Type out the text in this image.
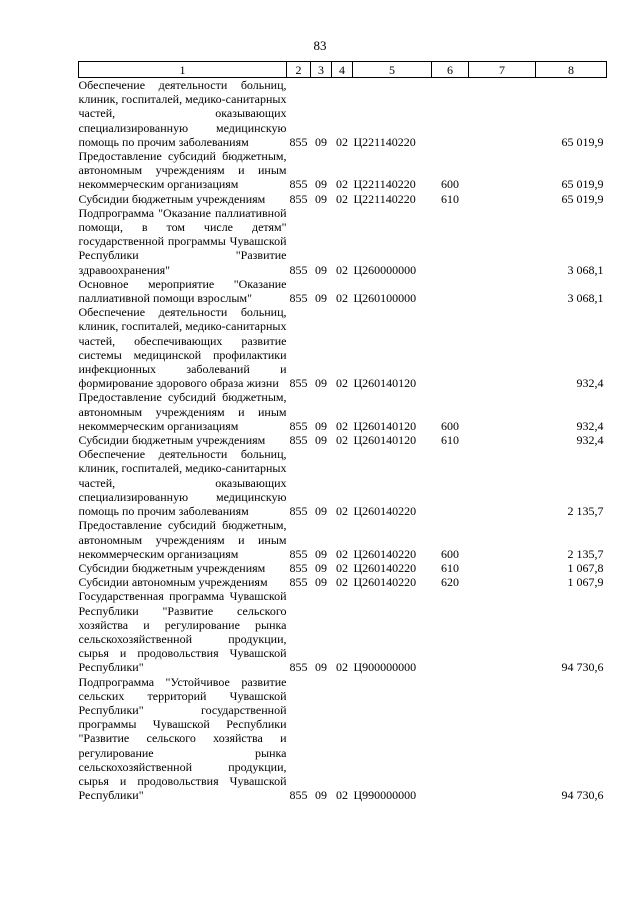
83
1	2	3	4	5	6	7	8
Обеспечение деятельности больниц, клиник, госпиталей, медико-санитарных частей, оказывающих специализированную медицинскую помощь по прочим заболеваниям	855	09	02	Ц221140220			65 019,9
Предоставление субсидий бюджетным, автономным учреждениям и иным некоммерческим организациям	855	09	02	Ц221140220	600		65 019,9
Субсидии бюджетным учреждениям	855	09	02	Ц221140220	610		65 019,9
Подпрограмма "Оказание паллиативной помощи, в том числе детям" государственной программы Чувашской Республики "Развитие здравоохранения"	855	09	02	Ц260000000			3 068,1
Основное мероприятие "Оказание паллиативной помощи взрослым"	855	09	02	Ц260100000			3 068,1
Обеспечение деятельности больниц, клиник, госпиталей, медико-санитарных частей, обеспечивающих развитие системы медицинской профилактики инфекционных заболеваний и формирование здорового образа жизни	855	09	02	Ц260140120			932,4
Предоставление субсидий бюджетным, автономным учреждениям и иным некоммерческим организациям	855	09	02	Ц260140120	600		932,4
Субсидии бюджетным учреждениям	855	09	02	Ц260140120	610		932,4
Обеспечение деятельности больниц, клиник, госпиталей, медико-санитарных частей, оказывающих специализированную медицинскую помощь по прочим заболеваниям	855	09	02	Ц260140220			2 135,7
Предоставление субсидий бюджетным, автономным учреждениям и иным некоммерческим организациям	855	09	02	Ц260140220	600		2 135,7
Субсидии бюджетным учреждениям	855	09	02	Ц260140220	610		1 067,8
Субсидии автономным учреждениям	855	09	02	Ц260140220	620		1 067,9
Государственная программа Чувашской Республики "Развитие сельского хозяйства и регулирование рынка сельскохозяйственной продукции, сырья и продовольствия Чувашской Республики"	855	09	02	Ц900000000			94 730,6
Подпрограмма "Устойчивое развитие сельских территорий Чувашской Республики" государственной программы Чувашской Республики "Развитие сельского хозяйства и регулирование рынка сельскохозяйственной продукции, сырья и продовольствия Чувашской Республики"	855	09	02	Ц990000000			94 730,6
